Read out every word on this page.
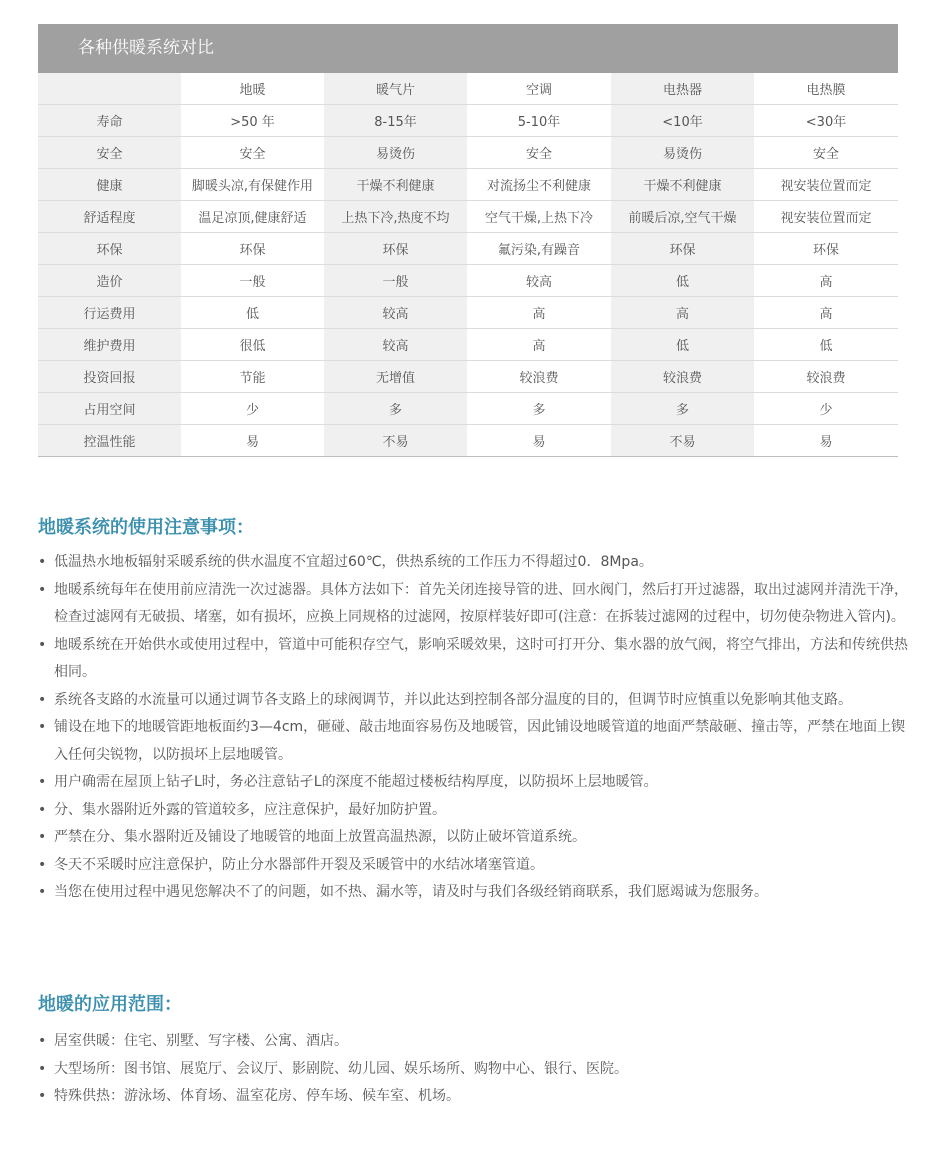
各种供暖系统对比
	地暖	暖气片	空调	电热器	电热膜
寿命	>50 年	8-15年	5-10年	<10年	<30年
安全	安全	易烫伤	安全	易烫伤	安全
健康	脚暖头凉,有保健作用	干燥不利健康	对流扬尘不利健康	干燥不利健康	视安装位置而定
舒适程度	温足凉顶,健康舒适	上热下冷,热度不均	空气干燥,上热下冷	前暖后凉,空气干燥	视安装位置而定
环保	环保	环保	氟污染,有躁音	环保	环保
造价	一般	一般	较高	低	高
行运费用	低	较高	高	高	高
维护费用	很低	较高	高	低	低
投资回报	节能	无增值	较浪费	较浪费	较浪费
占用空间	少	多	多	多	少
控温性能	易	不易	易	不易	易
地暖系统的使用注意事项：
• 低温热水地板辐射采暖系统的供水温度不宜超过60℃，供热系统的工作压力不得超过0．8Mpa。
• 地暖系统每年在使用前应清洗一次过滤器。具体方法如下：首先关闭连接导管的进、回水阀门，然后打开过滤器，取出过滤网并清洗干净，检查过滤网有无破损、堵塞，如有损坏，应换上同规格的过滤网，按原样装好即可(注意：在拆装过滤网的过程中，切勿使杂物进入管内)。
• 地暖系统在开始供水或使用过程中，管道中可能积存空气，影响采暖效果，这时可打开分、集水器的放气阀，将空气排出，方法和传统供热相同。
• 系统各支路的水流量可以通过调节各支路上的球阀调节，并以此达到控制各部分温度的目的，但调节时应慎重以免影响其他支路。
• 铺设在地下的地暖管距地板面约3—4cm，砸碰、敲击地面容易伤及地暖管，因此铺设地暖管道的地面严禁敲砸、撞击等，严禁在地面上锲入任何尖锐物，以防损坏上层地暖管。
• 用户确需在屋顶上钻孑L时，务必注意钻孑L的深度不能超过楼板结构厚度，以防损坏上层地暖管。
• 分、集水器附近外露的管道较多，应注意保护，最好加防护置。
• 严禁在分、集水器附近及铺设了地暖管的地面上放置高温热源，以防止破坏管道系统。
• 冬天不采暖时应注意保护，防止分水器部件开裂及采暖管中的水结冰堵塞管道。
• 当您在使用过程中遇见您解决不了的问题，如不热、漏水等，请及时与我们各级经销商联系，我们愿竭诚为您服务。
地暖的应用范围：
• 居室供暖：住宅、别墅、写字楼、公寓、酒店。
• 大型场所：图书馆、展览厅、会议厅、影剧院、幼儿园、娱乐场所、购物中心、银行、医院。
• 特殊供热：游泳场、体育场、温室花房、停车场、候车室、机场。
